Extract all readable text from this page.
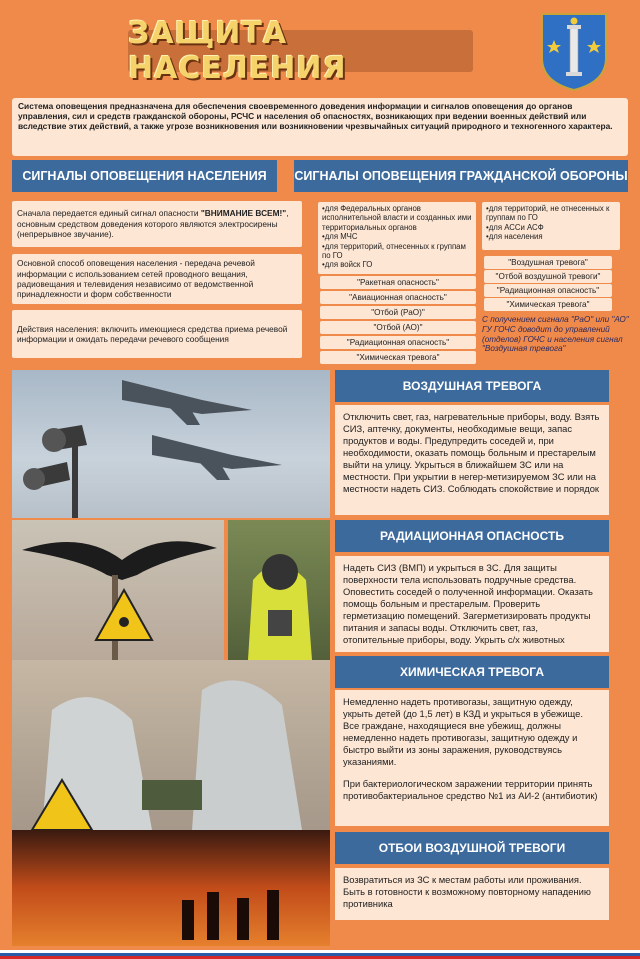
ЗАЩИТА НАСЕЛЕНИЯ
Система оповещения предназначена для обеспечения своевременного доведения информации и сигналов оповещения до органов управления, сил и средств гражданской обороны, РСЧС и населения об опасностях, возникающих при ведении военных действий или вследствие этих действий, а также угрозе возникновения или возникновении чрезвычайных ситуаций природного и техногенного характера.
СИГНАЛЫ ОПОВЕЩЕНИЯ НАСЕЛЕНИЯ	СИГНАЛЫ ОПОВЕЩЕНИЯ ГРАЖДАНСКОЙ ОБОРОНЫ
Сначала передается единый сигнал опасности "ВНИМАНИЕ ВСЕМ!", основным средством доведения которого являются электросирены (непрерывное звучание).
Основной способ оповещения населения - передача речевой информации с использованием сетей проводного вещания, радиовещания и телевидения независимо от ведомственной принадлежности и форм собственности
Действия населения: включить имеющиеся средства приема речевой информации и ожидать передачи речевого сообщения
•для Федеральных органов исполнительной власти и созданных ими территориальных органов
•для МЧС
•для территорий, отнесенных к группам по ГО
•для войск ГО
•для территорий, не отнесенных к группам по ГО
•для АССи АСФ
•для населения
"Ракетная опасность"
"Авиационная опасность"
"Отбой (РаО)"
"Отбой (АО)"
"Радиационная опасность"
"Химическая тревога"
"Воздушная тревога"
"Отбой воздушной тревоги"
"Радиационная опасность"
"Химическая тревога"
С получением сигнала "РаО" или "АО" ГУ ГОЧС доводит до управлений (отделов) ГОЧС и населения сигнал "Воздушная тревога"
ВОЗДУШНАЯ ТРЕВОГА
Отключить свет, газ, нагревательные приборы, воду. Взять СИЗ, аптечку, документы, необходимые вещи, запас продуктов и воды. Предупредить соседей и, при необходимости, оказать помощь больным и престарелым выйти на улицу. Укрыться в ближайшем ЗС или на местности. При укрытии в негер-метизируемом ЗС или на местности надеть СИЗ. Соблюдать спокойствие и порядок
РАДИАЦИОННАЯ ОПАСНОСТЬ
Надеть СИЗ (ВМП) и укрыться в ЗС. Для защиты поверхности тела использовать подручные средства. Оповестить соседей о полученной информации. Оказать помощь больным и престарелым. Проверить герметизацию помещений. Загерметизировать продукты питания и запасы воды. Отключить свет, газ, отопительные приборы, воду. Укрыть с/х животных
ХИМИЧЕСКАЯ ТРЕВОГА
Немедленно надеть противогазы, защитную одежду, укрыть детей (до 1,5 лет) в КЗД и укрыться в убежище. Все граждане, находящиеся вне убежищ, должны немедленно надеть противогазы, защитную одежду и быстро выйти из зоны заражения, руководствуясь указаниями.
При бактериологическом заражении территории принять противобактериальное средство №1 из АИ-2 (антибиотик)
ОТБОИ ВОЗДУШНОЙ ТРЕВОГИ
Возвратиться из ЗС к местам работы или проживания. Быть в готовности к возможному повторному нападению противника
